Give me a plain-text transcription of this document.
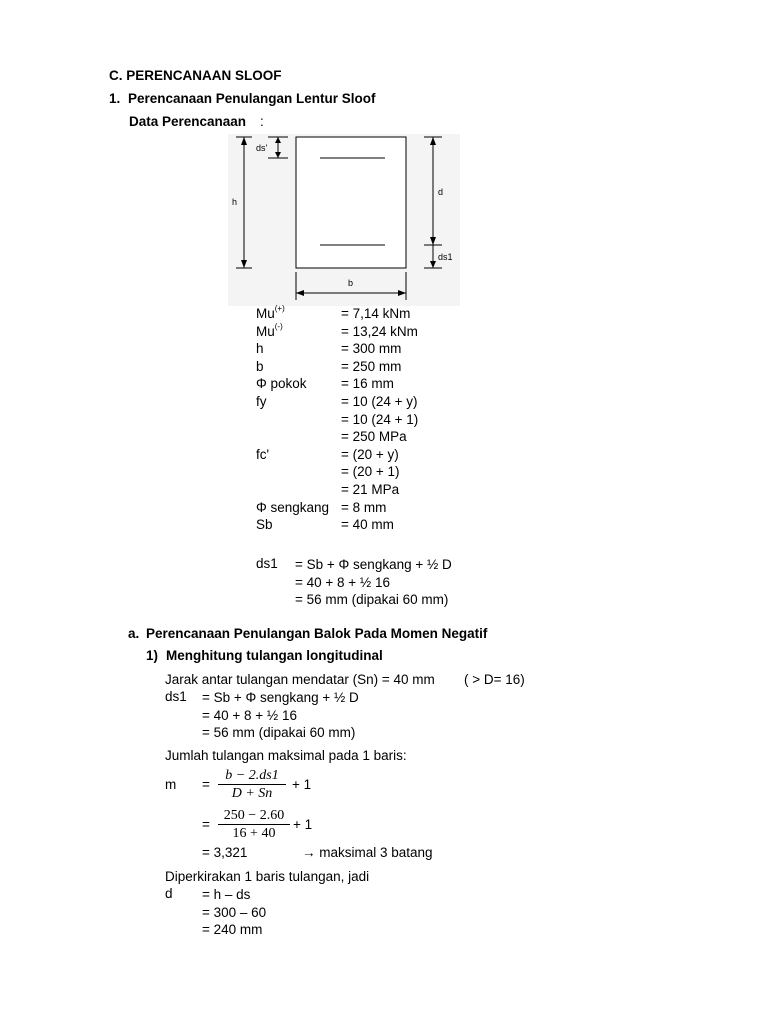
C. PERENCANAAN SLOOF
1. Perencanaan Penulangan Lentur Sloof
Data Perencanaan :
h
ds'
d
ds1
b
Mu(+)	= 7,14 kNm
Mu(-)	= 13,24 kNm
h	= 300 mm
b	= 250 mm
Φ pokok	= 16 mm
fy	= 10 (24 + y)
= 10 (24 + 1)
= 250 MPa
fc'	= (20 + y)
= (20 + 1)
= 21 MPa
Φ sengkang = 8 mm
Sb	= 40 mm
ds1 = Sb + Φ sengkang + ½ D
= 40 + 8 + ½ 16
= 56 mm (dipakai 60 mm)
a. Perencanaan Penulangan Balok Pada Momen Negatif
1) Menghitung tulangan longitudinal
Jarak antar tulangan mendatar (Sn) = 40 mm ( > D= 16)
ds1 = Sb + Φ sengkang + ½ D
= 40 + 8 + ½ 16
= 56 mm (dipakai 60 mm)
Jumlah tulangan maksimal pada 1 baris:
m =
b − 2.ds1
D + Sn
+ 1
=
250 − 2.60
16 + 40
+ 1
= 3,321	→ maksimal 3 batang
Diperkirakan 1 baris tulangan, jadi
d = h – ds
= 300 – 60
= 240 mm
